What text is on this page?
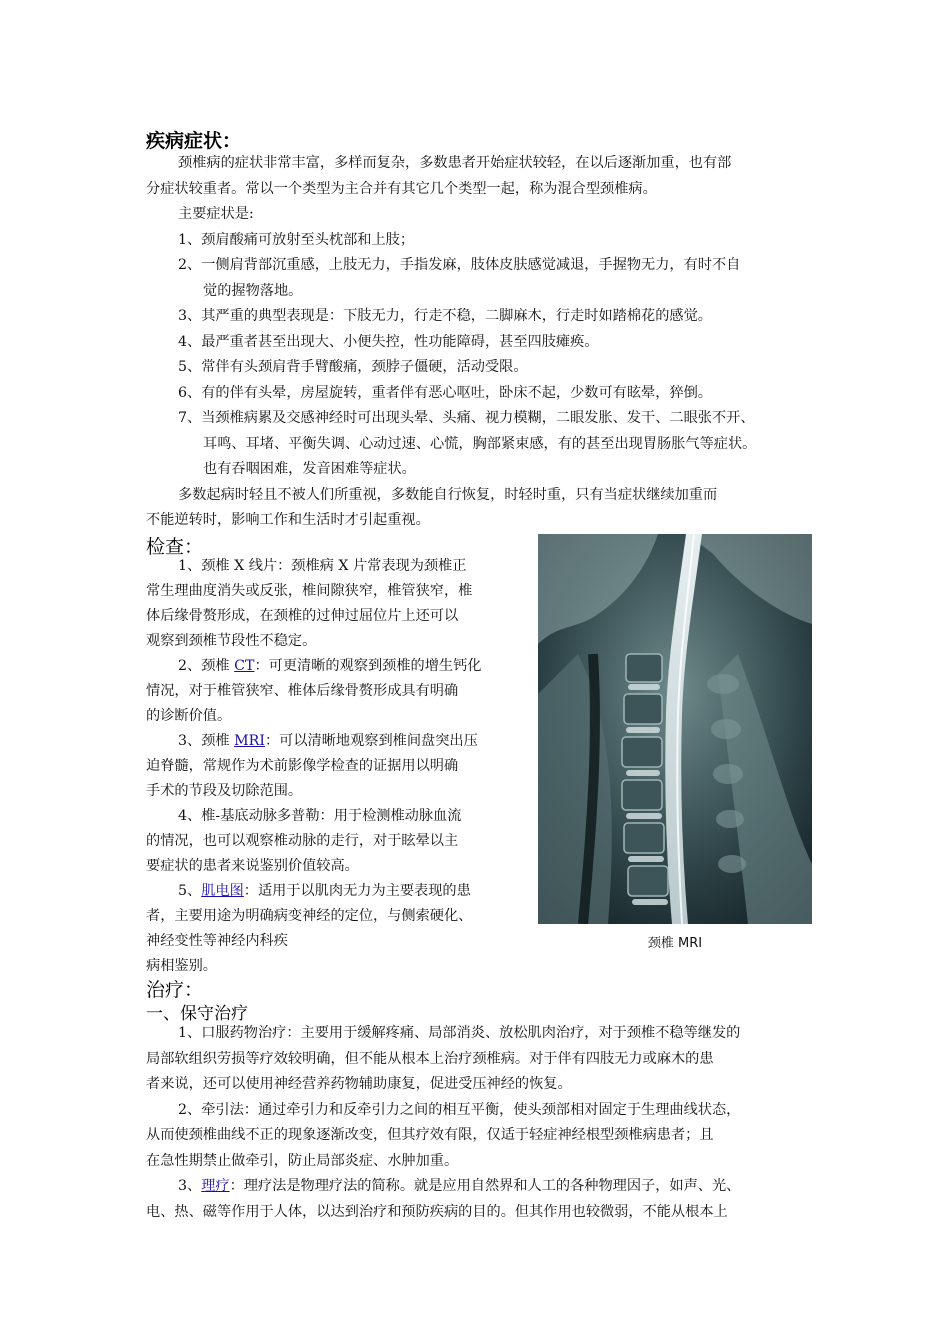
疾病症状：
颈椎病的症状非常丰富，多样而复杂，多数患者开始症状较轻，在以后逐渐加重，也有部
分症状较重者。常以一个类型为主合并有其它几个类型一起，称为混合型颈椎病。
主要症状是:
1、颈肩酸痛可放射至头枕部和上肢；
2、一侧肩背部沉重感，上肢无力，手指发麻，肢体皮肤感觉减退，手握物无力，有时不自
觉的握物落地。
3、其严重的典型表现是：下肢无力，行走不稳，二脚麻木，行走时如踏棉花的感觉。
4、最严重者甚至出现大、小便失控，性功能障碍，甚至四肢瘫痪。
5、常伴有头颈肩背手臂酸痛，颈脖子僵硬，活动受限。
6、有的伴有头晕，房屋旋转，重者伴有恶心呕吐，卧床不起，少数可有眩晕，猝倒。
7、当颈椎病累及交感神经时可出现头晕、头痛、视力模糊，二眼发胀、发干、二眼张不开、
耳鸣、耳堵、平衡失调、心动过速、心慌，胸部紧束感，有的甚至出现胃肠胀气等症状。
也有吞咽困难，发音困难等症状。
多数起病时轻且不被人们所重视，多数能自行恢复，时轻时重，只有当症状继续加重而
不能逆转时，影响工作和生活时才引起重视。
检查：
1、颈椎 X 线片：颈椎病 X 片常表现为颈椎正
常生理曲度消失或反张，椎间隙狭窄，椎管狭窄，椎
体后缘骨赘形成，在颈椎的过伸过屈位片上还可以
观察到颈椎节段性不稳定。
2、颈椎 CT：可更清晰的观察到颈椎的增生钙化
情况，对于椎管狭窄、椎体后缘骨赘形成具有明确
的诊断价值。
3、颈椎 MRI：可以清晰地观察到椎间盘突出压
迫脊髓，常规作为术前影像学检查的证据用以明确
手术的节段及切除范围。
4、椎-基底动脉多普勒：用于检测椎动脉血流
的情况，也可以观察椎动脉的走行，对于眩晕以主
要症状的患者来说鉴别价值较高。
5、肌电图：适用于以肌肉无力为主要表现的患
者，主要用途为明确病变神经的定位，与侧索硬化、
神经变性等神经内科疾
病相鉴别。
颈椎 MRI
治疗：
一、保守治疗
1、口服药物治疗：主要用于缓解疼痛、局部消炎、放松肌肉治疗，对于颈椎不稳等继发的
局部软组织劳损等疗效较明确，但不能从根本上治疗颈椎病。对于伴有四肢无力或麻木的患
者来说，还可以使用神经营养药物辅助康复，促进受压神经的恢复。
2、牵引法：通过牵引力和反牵引力之间的相互平衡，使头颈部相对固定于生理曲线状态，
从而使颈椎曲线不正的现象逐渐改变，但其疗效有限，仅适于轻症神经根型颈椎病患者；且
在急性期禁止做牵引，防止局部炎症、水肿加重。
3、理疗：理疗法是物理疗法的简称。就是应用自然界和人工的各种物理因子，如声、光、
电、热、磁等作用于人体，以达到治疗和预防疾病的目的。但其作用也较微弱，不能从根本上
